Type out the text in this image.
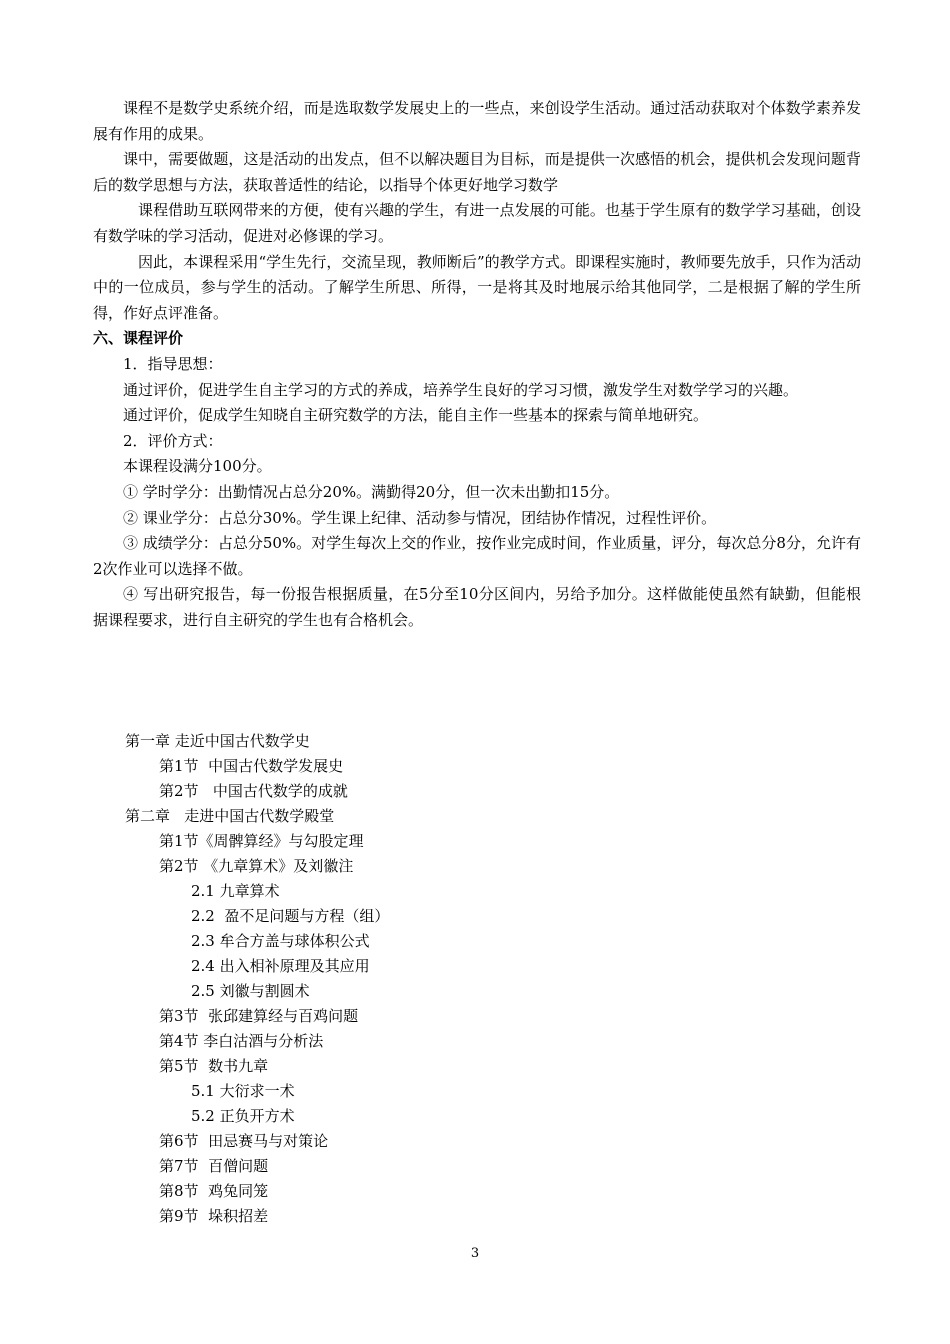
课程不是数学史系统介绍，而是选取数学发展史上的一些点，来创设学生活动。通过活动获取对个体数学素养发展有作用的成果。

课中，需要做题，这是活动的出发点，但不以解决题目为目标，而是提供一次感悟的机会，提供机会发现问题背后的数学思想与方法，获取普适性的结论，以指导个体更好地学习数学

课程借助互联网带来的方便，使有兴趣的学生，有进一点发展的可能。也基于学生原有的数学学习基础，创设有数学味的学习活动，促进对必修课的学习。

因此，本课程采用“学生先行，交流呈现，教师断后”的教学方式。即课程实施时，教师要先放手，只作为活动中的一位成员，参与学生的活动。了解学生所思、所得，一是将其及时地展示给其他同学，二是根据了解的学生所得，作好点评准备。

六、课程评价

1．指导思想：

通过评价，促进学生自主学习的方式的养成，培养学生良好的学习习惯，激发学生对数学学习的兴趣。

通过评价，促成学生知晓自主研究数学的方法，能自主作一些基本的探索与简单地研究。

2．评价方式：

本课程设满分100分。

① 学时学分：出勤情况占总分20%。满勤得20分，但一次未出勤扣15分。

② 课业学分：占总分30%。学生课上纪律、活动参与情况，团结协作情况，过程性评价。

③ 成绩学分：占总分50%。对学生每次上交的作业，按作业完成时间，作业质量，评分，每次总分8分，允许有2次作业可以选择不做。

④ 写出研究报告，每一份报告根据质量，在5分至10分区间内，另给予加分。这样做能使虽然有缺勤，但能根据课程要求，进行自主研究的学生也有合格机会。

第一章 走近中国古代数学史
第1节  中国古代数学发展史
第2节   中国古代数学的成就
第二章   走进中国古代数学殿堂
第1节《周髀算经》与勾股定理
第2节 《九章算术》及刘徽注
2.1 九章算术
2.2  盈不足问题与方程（组）
2.3 牟合方盖与球体积公式
2.4 出入相补原理及其应用
2.5 刘徽与割圆术
第3节  张邱建算经与百鸡问题
第4节 李白沽酒与分析法
第5节  数书九章
5.1 大衍求一术
5.2 正负开方术
第6节  田忌赛马与对策论
第7节  百僧问题
第8节  鸡兔同笼
第9节  垛积招差
3
